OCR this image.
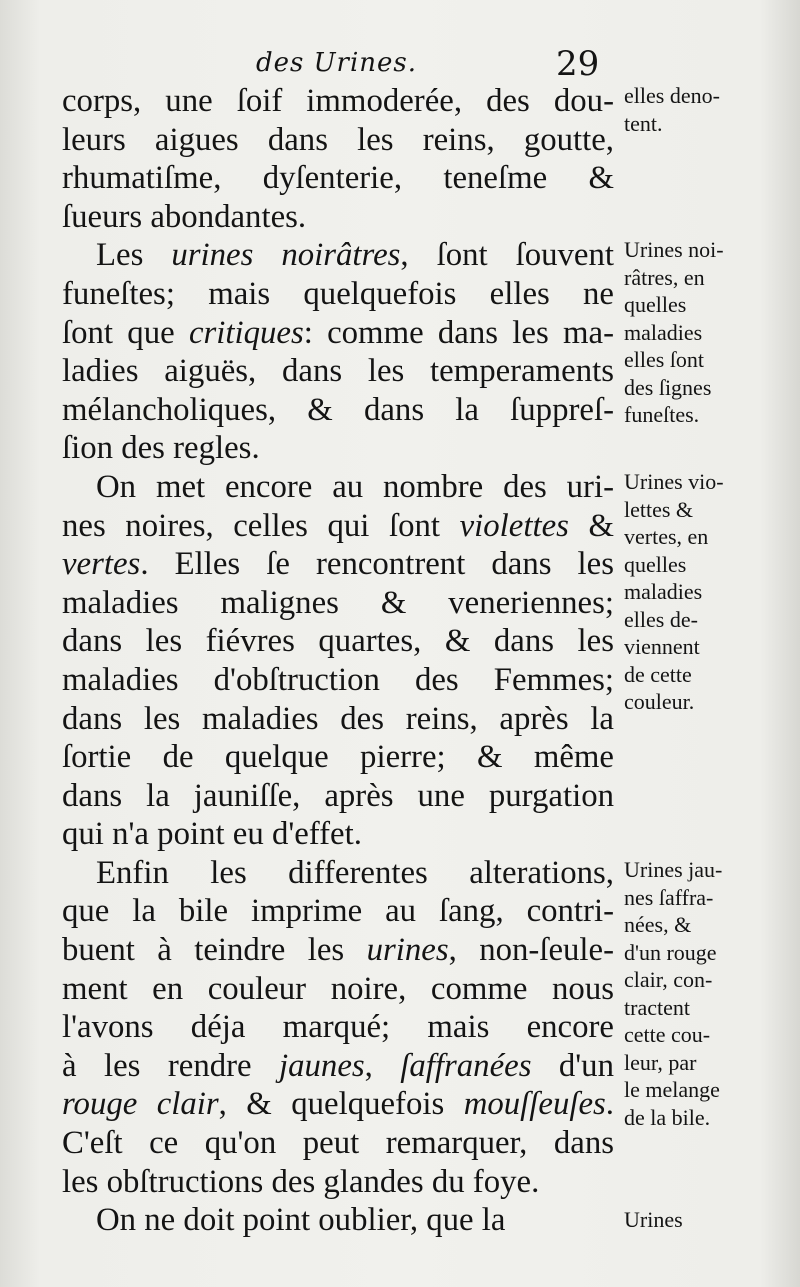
des Urines.	29

corps, une ſoif immoderée, des dou-

leurs aigues dans les reins, goutte,

rhumatiſme, dyſenterie, teneſme &

ſueurs abondantes.

Les urines noirâtres, ſont ſouvent

funeſtes; mais quelquefois elles ne

ſont que critiques: comme dans les ma-

ladies aiguës, dans les temperaments

mélancholiques, & dans la ſuppreſ-

ſion des regles.

On met encore au nombre des uri-

nes noires, celles qui ſont violettes &

vertes. Elles ſe rencontrent dans les

maladies malignes & veneriennes;

dans les fiévres quartes, & dans les

maladies d'obſtruction des Femmes;

dans les maladies des reins, après la

ſortie de quelque pierre; & même

dans la jauniſſe, après une purgation

qui n'a point eu d'effet.

Enfin les differentes alterations,

que la bile imprime au ſang, contri-

buent à teindre les urines, non-ſeule-

ment en couleur noire, comme nous

l'avons déja marqué; mais encore

à les rendre jaunes, ſaffranées d'un

rouge clair, & quelquefois mouſſeuſes.

C'eſt ce qu'on peut remarquer, dans

les obſtructions des glandes du foye.

On ne doit point oublier, que la

elles deno-
tent.
Urines noi-
râtres, en
quelles
maladies
elles ſont
des ſignes
funeſtes.
Urines vio-
lettes &
vertes, en
quelles
maladies
elles de-
viennent
de cette
couleur.
Urines jau-
nes ſaffra-
nées, &
d'un rouge
clair, con-
tractent
cette cou-
leur, par
le melange
de la bile.
Urines
